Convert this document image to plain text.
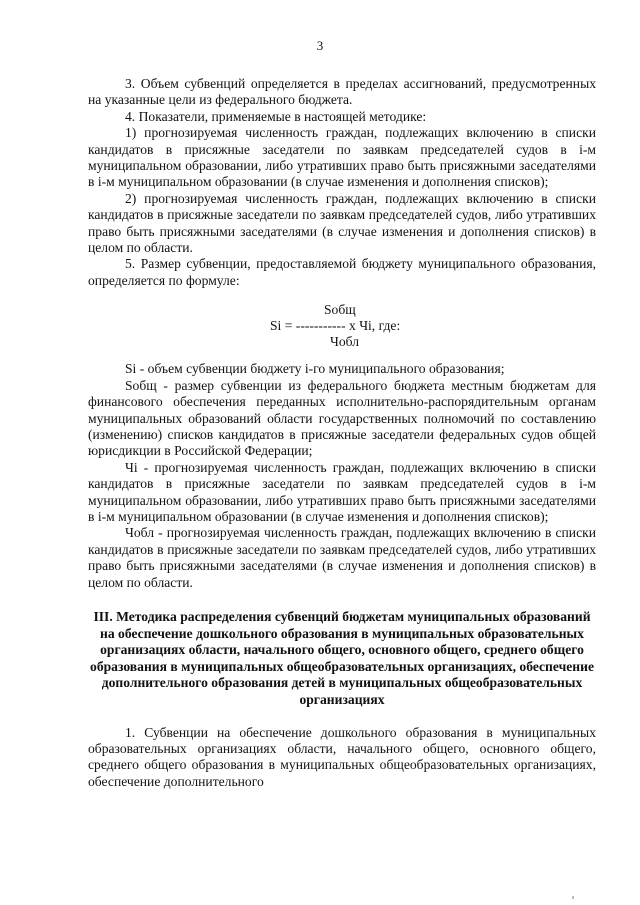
3

3. Объем субвенций определяется в пределах ассигнований, предусмотренных на указанные цели из федерального бюджета.

4. Показатели, применяемые в настоящей методике:

1) прогнозируемая численность граждан, подлежащих включению в списки кандидатов в присяжные заседатели по заявкам председателей судов в i-м муниципальном образовании, либо утративших право быть присяжными заседателями в i-м муниципальном образовании (в случае изменения и дополнения списков);

2) прогнозируемая численность граждан, подлежащих включению в списки кандидатов в присяжные заседатели по заявкам председателей судов, либо утративших право быть присяжными заседателями (в случае изменения и дополнения списков) в целом по области.

5. Размер субвенции, предоставляемой бюджету муниципального образования, определяется по формуле:

Sобщ
Si = ----------- x Чi, где:
Чобл

Si - объем субвенции бюджету i-го муниципального образования;

Sобщ - размер субвенции из федерального бюджета местным бюджетам для финансового обеспечения переданных исполнительно-распорядительным органам муниципальных образований области государственных полномочий по составлению (изменению) списков кандидатов в присяжные заседатели федеральных судов общей юрисдикции в Российской Федерации;

Чi - прогнозируемая численность граждан, подлежащих включению в списки кандидатов в присяжные заседатели по заявкам председателей судов в i-м муниципальном образовании, либо утративших право быть присяжными заседателями в i-м муниципальном образовании (в случае изменения и дополнения списков);

Чобл - прогнозируемая численность граждан, подлежащих включению в списки кандидатов в присяжные заседатели по заявкам председателей судов, либо утративших право быть присяжными заседателями (в случае изменения и дополнения списков) в целом по области.

III. Методика распределения субвенций бюджетам муниципальных образований на обеспечение дошкольного образования в муниципальных образовательных организациях области, начального общего, основного общего, среднего общего образования в муниципальных общеобразовательных организациях, обеспечение дополнительного образования детей в муниципальных общеобразовательных организациях

1. Субвенции на обеспечение дошкольного образования в муниципальных образовательных организациях области, начального общего, основного общего, среднего общего образования в муниципальных общеобразовательных организациях, обеспечение дополнительного
